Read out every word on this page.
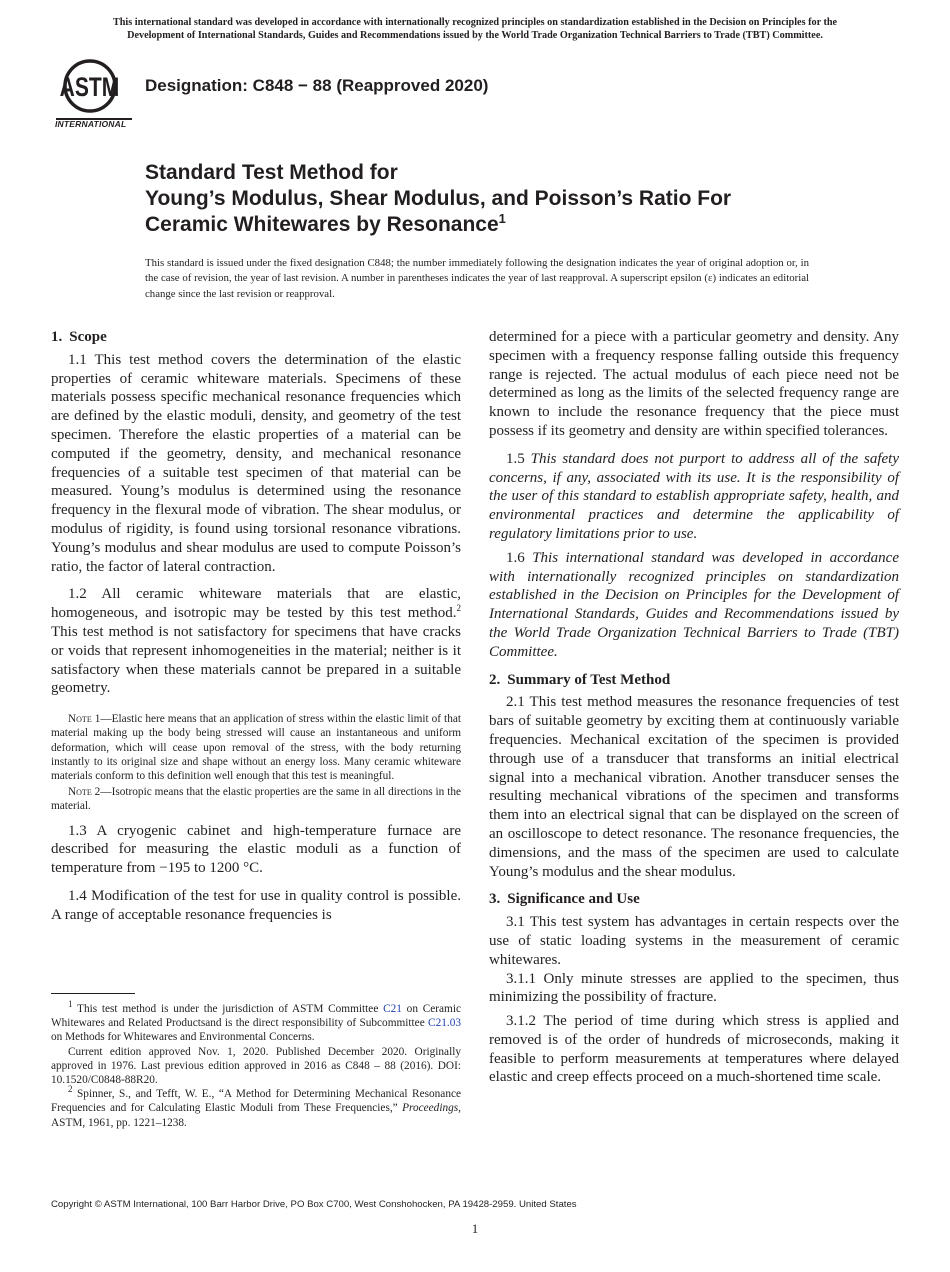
This international standard was developed in accordance with internationally recognized principles on standardization established in the Decision on Principles for the
Development of International Standards, Guides and Recommendations issued by the World Trade Organization Technical Barriers to Trade (TBT) Committee.
ASTM
INTERNATIONAL
Designation: C848 − 88 (Reapproved 2020)
Standard Test Method for
Young’s Modulus, Shear Modulus, and Poisson’s Ratio For
Ceramic Whitewares by Resonance$^1$
This standard is issued under the fixed designation C848; the number immediately following the designation indicates the year of original adoption or, in the case of revision, the year of last revision. A number in parentheses indicates the year of last reapproval. A superscript epsilon (ε) indicates an editorial change since the last revision or reapproval.
1. Scope

1.1 This test method covers the determination of the elastic properties of ceramic whiteware materials. Specimens of these materials possess specific mechanical resonance frequencies which are defined by the elastic moduli, density, and geometry of the test specimen. Therefore the elastic properties of a material can be computed if the geometry, density, and mechanical resonance frequencies of a suitable test specimen of that material can be measured. Young’s modulus is determined using the resonance frequency in the flexural mode of vibration. The shear modulus, or modulus of rigidity, is found using torsional resonance vibrations. Young’s modulus and shear modulus are used to compute Poisson’s ratio, the factor of lateral contraction.

1.2 All ceramic whiteware materials that are elastic, homogeneous, and isotropic may be tested by this test method.$^2$ This test method is not satisfactory for specimens that have cracks or voids that represent inhomogeneities in the material; neither is it satisfactory when these materials cannot be prepared in a suitable geometry.

Note 1—Elastic here means that an application of stress within the elastic limit of that material making up the body being stressed will cause an instantaneous and uniform deformation, which will cease upon removal of the stress, with the body returning instantly to its original size and shape without an energy loss. Many ceramic whiteware materials conform to this definition well enough that this test is meaningful.

Note 2—Isotropic means that the elastic properties are the same in all directions in the material.

1.3 A cryogenic cabinet and high-temperature furnace are described for measuring the elastic moduli as a function of temperature from −195 to 1200 °C.

1.4 Modification of the test for use in quality control is possible. A range of acceptable resonance frequencies is

determined for a piece with a particular geometry and density. Any specimen with a frequency response falling outside this frequency range is rejected. The actual modulus of each piece need not be determined as long as the limits of the selected frequency range are known to include the resonance frequency that the piece must possess if its geometry and density are within specified tolerances.

1.5 This standard does not purport to address all of the safety concerns, if any, associated with its use. It is the responsibility of the user of this standard to establish appropriate safety, health, and environmental practices and determine the applicability of regulatory limitations prior to use.

1.6 This international standard was developed in accordance with internationally recognized principles on standardization established in the Decision on Principles for the Development of International Standards, Guides and Recommendations issued by the World Trade Organization Technical Barriers to Trade (TBT) Committee.

2. Summary of Test Method

2.1 This test method measures the resonance frequencies of test bars of suitable geometry by exciting them at continuously variable frequencies. Mechanical excitation of the specimen is provided through use of a transducer that transforms an initial electrical signal into a mechanical vibration. Another transducer senses the resulting mechanical vibrations of the specimen and transforms them into an electrical signal that can be displayed on the screen of an oscilloscope to detect resonance. The resonance frequencies, the dimensions, and the mass of the specimen are used to calculate Young’s modulus and the shear modulus.

3. Significance and Use

3.1 This test system has advantages in certain respects over the use of static loading systems in the measurement of ceramic whitewares.

3.1.1 Only minute stresses are applied to the specimen, thus minimizing the possibility of fracture.

3.1.2 The period of time during which stress is applied and removed is of the order of hundreds of microseconds, making it feasible to perform measurements at temperatures where delayed elastic and creep effects proceed on a much-shortened time scale.

$^1$ This test method is under the jurisdiction of ASTM Committee C21 on Ceramic Whitewares and Related Productsand is the direct responsibility of Subcommittee C21.03 on Methods for Whitewares and Environmental Concerns.

Current edition approved Nov. 1, 2020. Published December 2020. Originally approved in 1976. Last previous edition approved in 2016 as C848 – 88 (2016). DOI: 10.1520/C0848-88R20.

$^2$ Spinner, S., and Tefft, W. E., “A Method for Determining Mechanical Resonance Frequencies and for Calculating Elastic Moduli from These Frequencies,” Proceedings, ASTM, 1961, pp. 1221–1238.

Copyright © ASTM International, 100 Barr Harbor Drive, PO Box C700, West Conshohocken, PA 19428-2959. United States
1
